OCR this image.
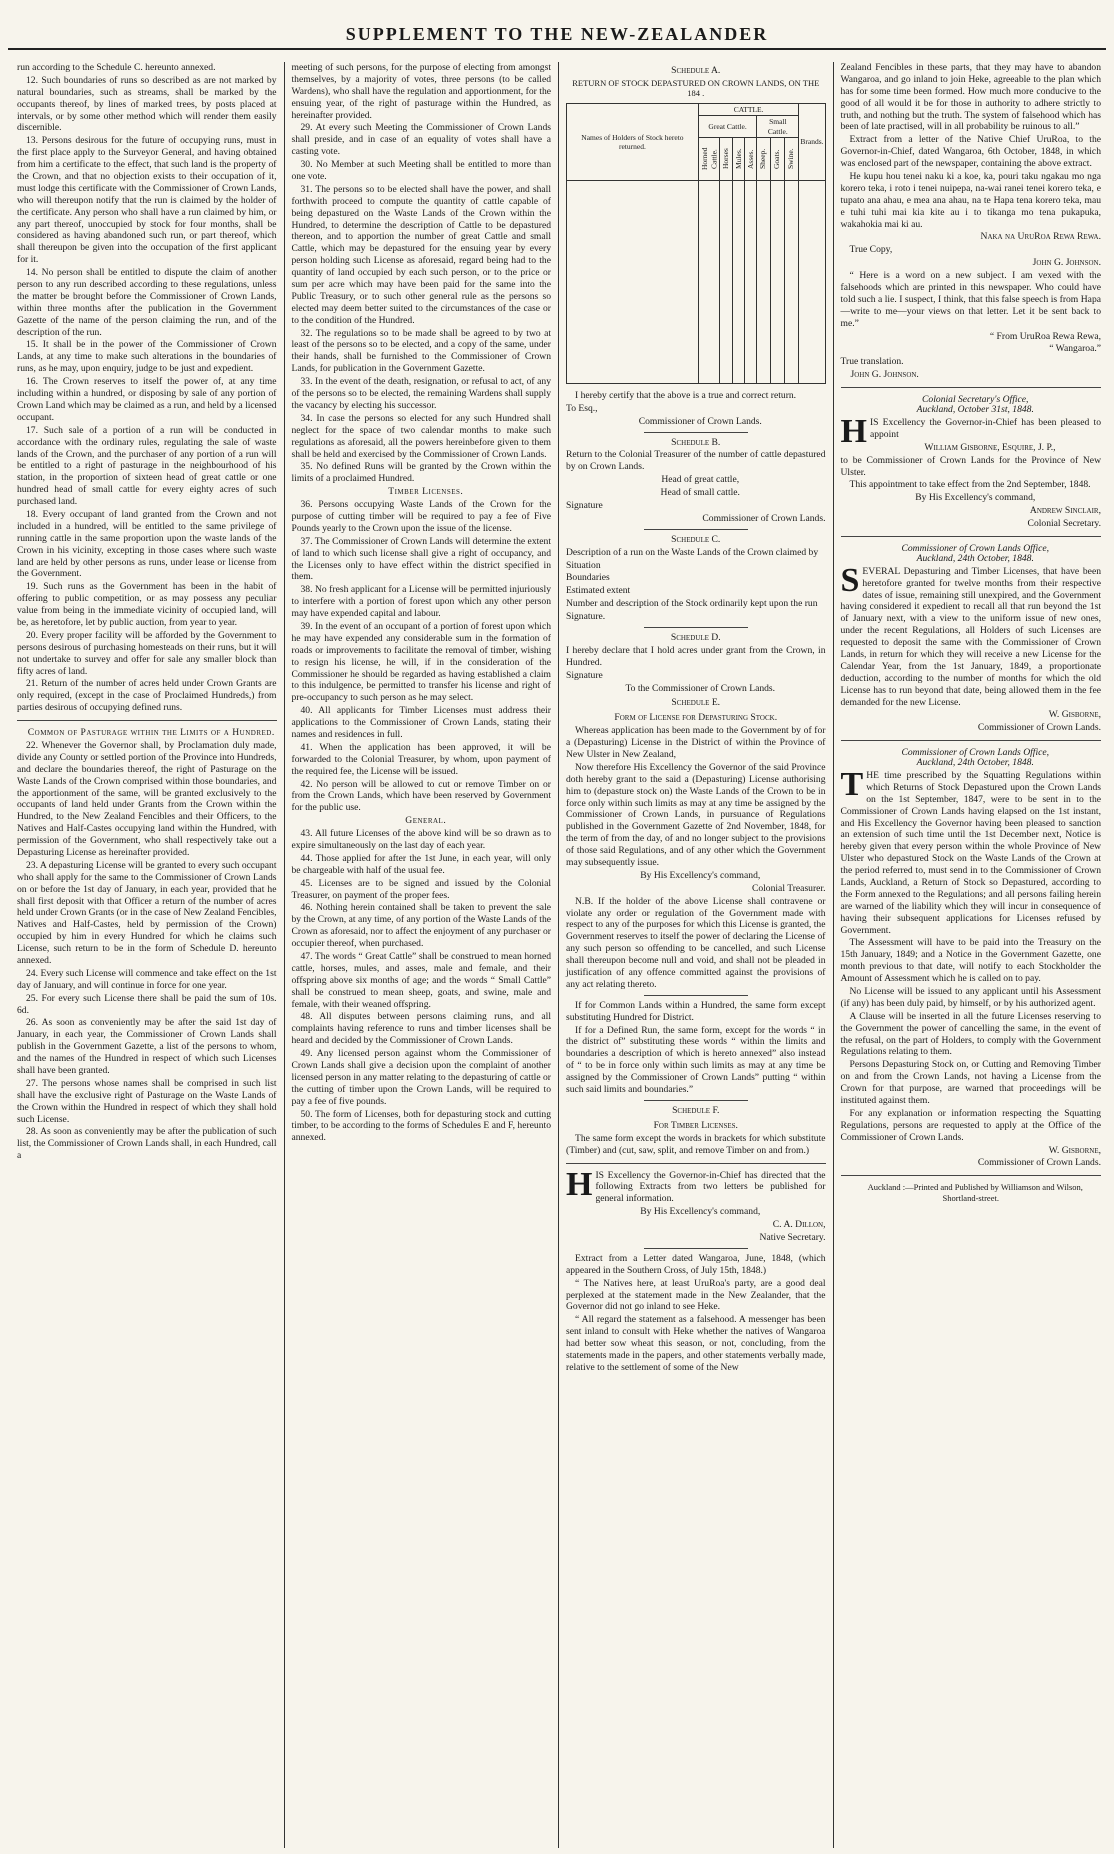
SUPPLEMENT TO THE NEW-ZEALANDER

run according to the Schedule C. hereunto annexed.

12. Such boundaries of runs so described as are not marked by natural boundaries, such as streams, shall be marked by the occupants thereof, by lines of marked trees, by posts placed at intervals, or by some other method which will render them easily discernible.

13. Persons desirous for the future of occupying runs, must in the first place apply to the Surveyor General, and having obtained from him a certificate to the effect, that such land is the property of the Crown, and that no objection exists to their occupation of it, must lodge this certificate with the Commissioner of Crown Lands, who will thereupon notify that the run is claimed by the holder of the certificate. Any person who shall have a run claimed by him, or any part thereof, unoccupied by stock for four months, shall be considered as having abandoned such run, or part thereof, which shall thereupon be given into the occupation of the first applicant for it.

14. No person shall be entitled to dispute the claim of another person to any run described according to these regulations, unless the matter be brought before the Commissioner of Crown Lands, within three months after the publication in the Government Gazette of the name of the person claiming the run, and of the description of the run.

15. It shall be in the power of the Commissioner of Crown Lands, at any time to make such alterations in the boundaries of runs, as he may, upon enquiry, judge to be just and expedient.

16. The Crown reserves to itself the power of, at any time including within a hundred, or disposing by sale of any portion of Crown Land which may be claimed as a run, and held by a licensed occupant.

17. Such sale of a portion of a run will be conducted in accordance with the ordinary rules, regulating the sale of waste lands of the Crown, and the purchaser of any portion of a run will be entitled to a right of pasturage in the neighbourhood of his station, in the proportion of sixteen head of great cattle or one hundred head of small cattle for every eighty acres of such purchased land.

18. Every occupant of land granted from the Crown and not included in a hundred, will be entitled to the same privilege of running cattle in the same proportion upon the waste lands of the Crown in his vicinity, excepting in those cases where such waste land are held by other persons as runs, under lease or license from the Government.

19. Such runs as the Government has been in the habit of offering to public competition, or as may possess any peculiar value from being in the immediate vicinity of occupied land, will be, as heretofore, let by public auction, from year to year.

20. Every proper facility will be afforded by the Government to persons desirous of purchasing homesteads on their runs, but it will not undertake to survey and offer for sale any smaller block than fifty acres of land.

21. Return of the number of acres held under Crown Grants are only required, (except in the case of Proclaimed Hundreds,) from parties desirous of occupying defined runs.

Common of Pasturage within the Limits of a Hundred.

22. Whenever the Governor shall, by Proclamation duly made, divide any County or settled portion of the Province into Hundreds, and declare the boundaries thereof, the right of Pasturage on the Waste Lands of the Crown comprised within those boundaries, and the apportionment of the same, will be granted exclusively to the occupants of land held under Grants from the Crown within the Hundred, to the New Zealand Fencibles and their Officers, to the Natives and Half-Castes occupying land within the Hundred, with permission of the Government, who shall respectively take out a Depasturing License as hereinafter provided.

23. A depasturing License will be granted to every such occupant who shall apply for the same to the Commissioner of Crown Lands on or before the 1st day of January, in each year, provided that he shall first deposit with that Officer a return of the number of acres held under Crown Grants (or in the case of New Zealand Fencibles, Natives and Half-Castes, held by permission of the Crown) occupied by him in every Hundred for which he claims such License, such return to be in the form of Schedule D. hereunto annexed.

24. Every such License will commence and take effect on the 1st day of January, and will continue in force for one year.

25. For every such License there shall be paid the sum of 10s. 6d.

26. As soon as conveniently may be after the said 1st day of January, in each year, the Commissioner of Crown Lands shall publish in the Government Gazette, a list of the persons to whom, and the names of the Hundred in respect of which such Licenses shall have been granted.

27. The persons whose names shall be comprised in such list shall have the exclusive right of Pasturage on the Waste Lands of the Crown within the Hundred in respect of which they shall hold such License.

28. As soon as conveniently may be after the publication of such list, the Commissioner of Crown Lands shall, in each Hundred, call a

meeting of such persons, for the purpose of electing from amongst themselves, by a majority of votes, three persons (to be called Wardens), who shall have the regulation and apportionment, for the ensuing year, of the right of pasturage within the Hundred, as hereinafter provided.

29. At every such Meeting the Commissioner of Crown Lands shall preside, and in case of an equality of votes shall have a casting vote.

30. No Member at such Meeting shall be entitled to more than one vote.

31. The persons so to be elected shall have the power, and shall forthwith proceed to compute the quantity of cattle capable of being depastured on the Waste Lands of the Crown within the Hundred, to determine the description of Cattle to be depastured thereon, and to apportion the number of great Cattle and small Cattle, which may be depastured for the ensuing year by every person holding such License as aforesaid, regard being had to the quantity of land occupied by each such person, or to the price or sum per acre which may have been paid for the same into the Public Treasury, or to such other general rule as the persons so elected may deem better suited to the circumstances of the case or to the condition of the Hundred.

32. The regulations so to be made shall be agreed to by two at least of the persons so to be elected, and a copy of the same, under their hands, shall be furnished to the Commissioner of Crown Lands, for publication in the Government Gazette.

33. In the event of the death, resignation, or refusal to act, of any of the persons so to be elected, the remaining Wardens shall supply the vacancy by electing his successor.

34. In case the persons so elected for any such Hundred shall neglect for the space of two calendar months to make such regulations as aforesaid, all the powers hereinbefore given to them shall be held and exercised by the Commissioner of Crown Lands.

35. No defined Runs will be granted by the Crown within the limits of a proclaimed Hundred.

Timber Licenses.

36. Persons occupying Waste Lands of the Crown for the purpose of cutting timber will be required to pay a fee of Five Pounds yearly to the Crown upon the issue of the license.

37. The Commissioner of Crown Lands will determine the extent of land to which such license shall give a right of occupancy, and the Licenses only to have effect within the district specified in them.

38. No fresh applicant for a License will be permitted injuriously to interfere with a portion of forest upon which any other person may have expended capital and labour.

39. In the event of an occupant of a portion of forest upon which he may have expended any considerable sum in the formation of roads or improvements to facilitate the removal of timber, wishing to resign his license, he will, if in the consideration of the Commissioner he should be regarded as having established a claim to this indulgence, be permitted to transfer his license and right of pre-occupancy to such person as he may select.

40. All applicants for Timber Licenses must address their applications to the Commissioner of Crown Lands, stating their names and residences in full.

41. When the application has been approved, it will be forwarded to the Colonial Treasurer, by whom, upon payment of the required fee, the License will be issued.

42. No person will be allowed to cut or remove Timber on or from the Crown Lands, which have been reserved by Government for the public use.

General.

43. All future Licenses of the above kind will be so drawn as to expire simultaneously on the last day of each year.

44. Those applied for after the 1st June, in each year, will only be chargeable with half of the usual fee.

45. Licenses are to be signed and issued by the Colonial Treasurer, on payment of the proper fees.

46. Nothing herein contained shall be taken to prevent the sale by the Crown, at any time, of any portion of the Waste Lands of the Crown as aforesaid, nor to affect the enjoyment of any purchaser or occupier thereof, when purchased.

47. The words “ Great Cattle” shall be construed to mean horned cattle, horses, mules, and asses, male and female, and their offspring above six months of age; and the words “ Small Cattle” shall be construed to mean sheep, goats, and swine, male and female, with their weaned offspring.

48. All disputes between persons claiming runs, and all complaints having reference to runs and timber licenses shall be heard and decided by the Commissioner of Crown Lands.

49. Any licensed person against whom the Commissioner of Crown Lands shall give a decision upon the complaint of another licensed person in any matter relating to the depasturing of cattle or the cutting of timber upon the Crown Lands, will be required to pay a fee of five pounds.

50. The form of Licenses, both for depasturing stock and cutting timber, to be according to the forms of Schedules E and F, hereunto annexed.

Schedule A.
RETURN OF STOCK DEPASTURED ON CROWN LANDS, ON THE 184 .
Names of Holders of Stock hereto returned.	CATTLE.							Brands.
	Great Cattle.				Small Cattle.			

	Horned Cattle.	Horses	Mules.	Asses.	Sheep.	Goats.	Swine.	

I hereby certify that the above is a true and correct return.

To Esq.,

Commissioner of Crown Lands.

Schedule B.

Return to the Colonial Treasurer of the number of cattle depastured by on Crown Lands.

Head of great cattle,

Head of small cattle.

Signature

Commissioner of Crown Lands.

Schedule C.

Description of a run on the Waste Lands of the Crown claimed by

Situation

Boundaries

Estimated extent

Number and description of the Stock ordinarily kept upon the run

Signature.

Schedule D.

I hereby declare that I hold acres under grant from the Crown, in Hundred.

Signature

To the Commissioner of Crown Lands.

Schedule E.
Form of License for Depasturing Stock.

Whereas application has been made to the Government by of for a (Depasturing) License in the District of within the Province of New Ulster in New Zealand,

Now therefore His Excellency the Governor of the said Province doth hereby grant to the said a (Depasturing) License authorising him to (depasture stock on) the Waste Lands of the Crown to be in force only within such limits as may at any time be assigned by the Commissioner of Crown Lands, in pursuance of Regulations published in the Government Gazette of 2nd November, 1848, for the term of from the day, of and no longer subject to the provisions of those said Regulations, and of any other which the Government may subsequently issue.

By His Excellency's command,

Colonial Treasurer.

N.B. If the holder of the above License shall contravene or violate any order or regulation of the Government made with respect to any of the purposes for which this License is granted, the Government reserves to itself the power of declaring the License of any such person so offending to be cancelled, and such License shall thereupon become null and void, and shall not be pleaded in justification of any offence committed against the provisions of any act relating thereto.

If for Common Lands within a Hundred, the same form except substituting Hundred for District.

If for a Defined Run, the same form, except for the words “ in the district of” substituting these words “ within the limits and boundaries a description of which is hereto annexed” also instead of “ to be in force only within such limits as may at any time be assigned by the Commissioner of Crown Lands” putting “ within such said limits and boundaries.”

Schedule F.
For Timber Licenses.

The same form except the words in brackets for which substitute (Timber) and (cut, saw, split, and remove Timber on and from.)

HIS Excellency the Governor-in-Chief has directed that the following Extracts from two letters be published for general information.

By His Excellency's command,

C. A. Dillon,

Native Secretary.

Extract from a Letter dated Wangaroa, June, 1848, (which appeared in the Southern Cross, of July 15th, 1848.)

“ The Natives here, at least UruRoa's party, are a good deal perplexed at the statement made in the New Zealander, that the Governor did not go inland to see Heke.

“ All regard the statement as a falsehood. A messenger has been sent inland to consult with Heke whether the natives of Wangaroa had better sow wheat this season, or not, concluding, from the statements made in the papers, and other statements verbally made, relative to the settlement of some of the New

Zealand Fencibles in these parts, that they may have to abandon Wangaroa, and go inland to join Heke, agreeable to the plan which has for some time been formed. How much more conducive to the good of all would it be for those in authority to adhere strictly to truth, and nothing but the truth. The system of falsehood which has been of late practised, will in all probability be ruinous to all.”

Extract from a letter of the Native Chief UruRoa, to the Governor-in-Chief, dated Wangaroa, 6th October, 1848, in which was enclosed part of the newspaper, containing the above extract.

He kupu hou tenei naku ki a koe, ka, pouri taku ngakau mo nga korero teka, i roto i tenei nuipepa, na-wai ranei tenei korero teka, e tupato ana ahau, e mea ana ahau, na te Hapa tena korero teka, mau e tuhi tuhi mai kia kite au i to tikanga mo tena pukapuka, wakahokia mai ki au.

Naka na UruRoa Rewa Rewa.

True Copy,

John G. Johnson.

“ Here is a word on a new subject. I am vexed with the falsehoods which are printed in this newspaper. Who could have told such a lie. I suspect, I think, that this false speech is from Hapa—write to me—your views on that letter. Let it be sent back to me.”

“ From UruRoa Rewa Rewa,

“ Wangaroa.”

True translation.

John G. Johnson.

Colonial Secretary's Office,

Auckland, October 31st, 1848.

HIS Excellency the Governor-in-Chief has been pleased to appoint

William Gisborne, Esquire, J. P.,

to be Commissioner of Crown Lands for the Province of New Ulster.

This appointment to take effect from the 2nd September, 1848.

By His Excellency's command,

Andrew Sinclair,

Colonial Secretary.

Commissioner of Crown Lands Office,

Auckland, 24th October, 1848.

SEVERAL Depasturing and Timber Licenses, that have been heretofore granted for twelve months from their respective dates of issue, remaining still unexpired, and the Government having considered it expedient to recall all that run beyond the 1st of January next, with a view to the uniform issue of new ones, under the recent Regulations, all Holders of such Licenses are requested to deposit the same with the Commissioner of Crown Lands, in return for which they will receive a new License for the Calendar Year, from the 1st January, 1849, a proportionate deduction, according to the number of months for which the old License has to run beyond that date, being allowed them in the fee demanded for the new License.

W. Gisborne,

Commissioner of Crown Lands.

Commissioner of Crown Lands Office,

Auckland, 24th October, 1848.

THE time prescribed by the Squatting Regulations within which Returns of Stock Depastured upon the Crown Lands on the 1st September, 1847, were to be sent in to the Commissioner of Crown Lands having elapsed on the 1st instant, and His Excellency the Governor having been pleased to sanction an extension of such time until the 1st December next, Notice is hereby given that every person within the whole Province of New Ulster who depastured Stock on the Waste Lands of the Crown at the period referred to, must send in to the Commissioner of Crown Lands, Auckland, a Return of Stock so Depastured, according to the Form annexed to the Regulations; and all persons failing herein are warned of the liability which they will incur in consequence of having their subsequent applications for Licenses refused by Government.

The Assessment will have to be paid into the Treasury on the 15th January, 1849; and a Notice in the Government Gazette, one month previous to that date, will notify to each Stockholder the Amount of Assessment which he is called on to pay.

No License will be issued to any applicant until his Assessment (if any) has been duly paid, by himself, or by his authorized agent.

A Clause will be inserted in all the future Licenses reserving to the Government the power of cancelling the same, in the event of the refusal, on the part of Holders, to comply with the Government Regulations relating to them.

Persons Depasturing Stock on, or Cutting and Removing Timber on and from the Crown Lands, not having a License from the Crown for that purpose, are warned that proceedings will be instituted against them.

For any explanation or information respecting the Squatting Regulations, persons are requested to apply at the Office of the Commissioner of Crown Lands.

W. Gisborne,

Commissioner of Crown Lands.

Auckland :—Printed and Published by Williamson and Wilson, Shortland-street.
